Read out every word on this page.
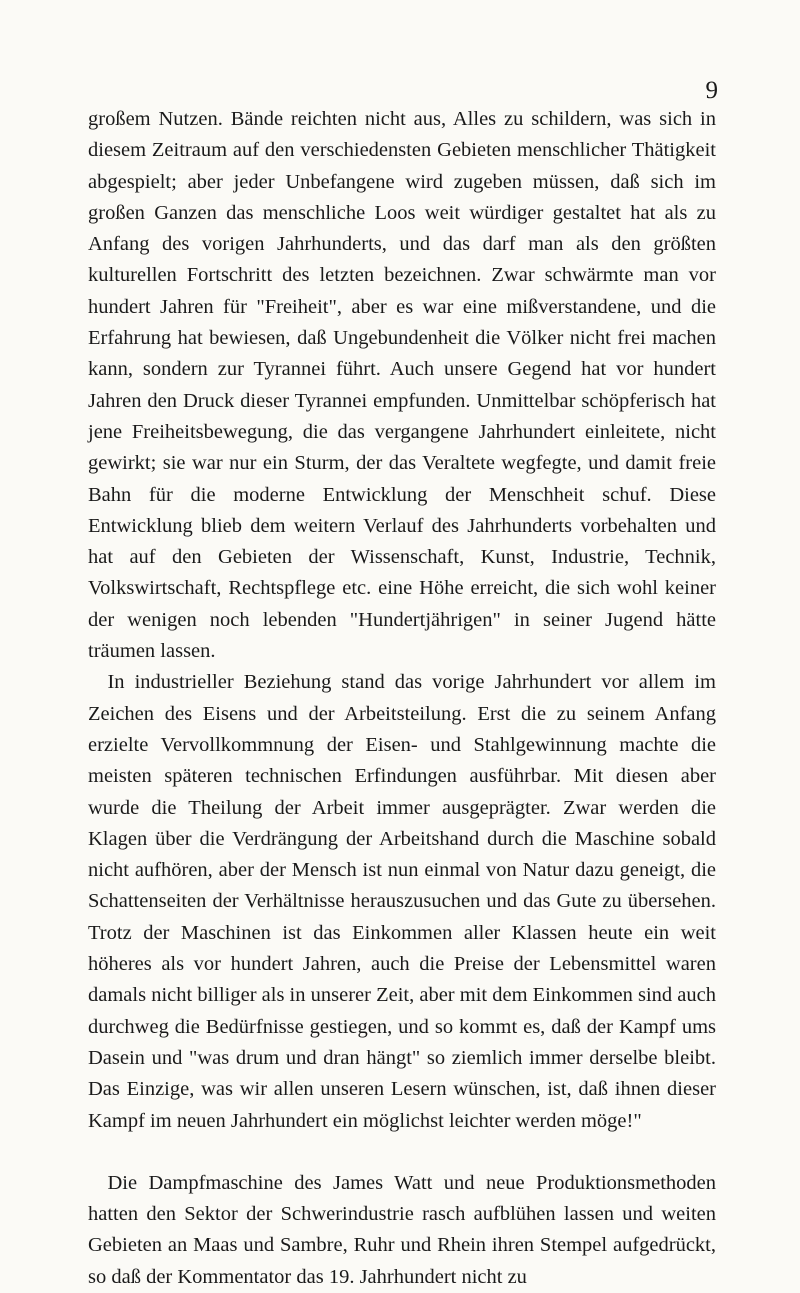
9

großem Nutzen. Bände reichten nicht aus, Alles zu schildern, was sich in diesem Zeitraum auf den verschiedensten Gebieten menschlicher Thätigkeit abgespielt; aber jeder Unbefangene wird zugeben müssen, daß sich im großen Ganzen das menschliche Loos weit würdiger gestaltet hat als zu Anfang des vorigen Jahrhunderts, und das darf man als den größten kulturellen Fortschritt des letzten bezeichnen. Zwar schwärmte man vor hundert Jahren für "Freiheit", aber es war eine mißverstandene, und die Erfahrung hat bewiesen, daß Ungebundenheit die Völker nicht frei machen kann, sondern zur Tyrannei führt. Auch unsere Gegend hat vor hundert Jahren den Druck dieser Tyrannei empfunden. Unmittelbar schöpferisch hat jene Freiheitsbewegung, die das vergangene Jahrhundert einleitete, nicht gewirkt; sie war nur ein Sturm, der das Veraltete wegfegte, und damit freie Bahn für die moderne Entwicklung der Menschheit schuf. Diese Entwicklung blieb dem weitern Verlauf des Jahrhunderts vorbehalten und hat auf den Gebieten der Wissenschaft, Kunst, Industrie, Technik, Volkswirtschaft, Rechtspflege etc. eine Höhe erreicht, die sich wohl keiner der wenigen noch lebenden "Hundertjährigen" in seiner Jugend hätte träumen lassen.

In industrieller Beziehung stand das vorige Jahrhundert vor allem im Zeichen des Eisens und der Arbeitsteilung. Erst die zu seinem Anfang erzielte Vervollkommnung der Eisen- und Stahlgewinnung machte die meisten späteren technischen Erfindungen ausführbar. Mit diesen aber wurde die Theilung der Arbeit immer ausgeprägter. Zwar werden die Klagen über die Verdrängung der Arbeitshand durch die Maschine sobald nicht aufhören, aber der Mensch ist nun einmal von Natur dazu geneigt, die Schattenseiten der Verhältnisse herauszusuchen und das Gute zu übersehen. Trotz der Maschinen ist das Einkommen aller Klassen heute ein weit höheres als vor hundert Jahren, auch die Preise der Lebensmittel waren damals nicht billiger als in unserer Zeit, aber mit dem Einkommen sind auch durchweg die Bedürfnisse gestiegen, und so kommt es, daß der Kampf ums Dasein und "was drum und dran hängt" so ziemlich immer derselbe bleibt. Das Einzige, was wir allen unseren Lesern wünschen, ist, daß ihnen dieser Kampf im neuen Jahrhundert ein möglichst leichter werden möge!"

Die Dampfmaschine des James Watt und neue Produktionsmethoden hatten den Sektor der Schwerindustrie rasch aufblühen lassen und weiten Gebieten an Maas und Sambre, Ruhr und Rhein ihren Stempel aufgedrückt, so daß der Kommentator das 19. Jahrhundert nicht zu
